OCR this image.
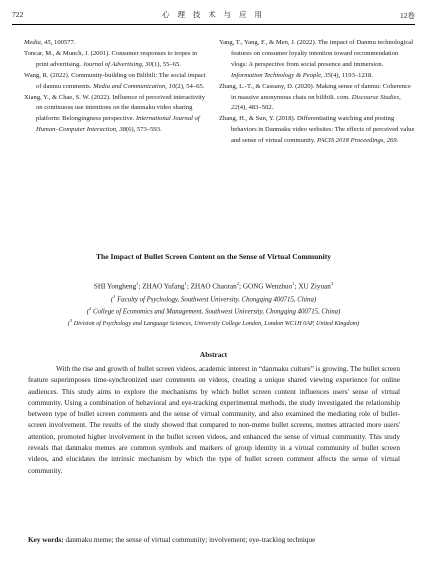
722	心 理 技 术 与 应 用	12卷
Media, 45, 100577.
Toncar, M., & Munch, J. (2001). Consumer responses to tropes in print advertising. Journal of Advertising, 30(1), 55–65.
Wang, R. (2022). Community-building on Bilibili: The social impact of danmu comments. Media and Communication, 10(2), 54–65.
Xiang, Y., & Chae, S. W. (2022). Influence of perceived interactivity on continuous use intentions on the danmaku video sharing platform: Belongingness perspective. International Journal of Human–Computer Interaction, 38(6), 573–593.
Yang, T., Yang, F., & Men, J. (2022). The impact of Danmu technological features on consumer loyalty intention toward recommendation vlogs: A perspective from social presence and immersion. Information Technology & People, 35(4), 1193–1218.
Zhang, L.-T., & Cassany, D. (2020). Making sense of danmu: Coherence in massive anonymous chats on bilibili. com. Discourse Studies, 22(4), 483–502.
Zhang, H., & Sun, Y. (2018). Differentiating watching and posting behaviors in Danmaku video websites: The effects of perceived value and sense of virtual community. PACIS 2018 Proceedings, 269.
The Impact of Bullet Screen Content on the Sense of Virtual Community
SHI Yongheng$^1$; ZHAO Yufang$^1$; ZHAO Chaoran$^2$; GONG Wenzhuo$^1$; XU Ziyuan$^3$
($^1$ Faculty of Psychology, Southwest University, Chongqing 400715, China)
($^2$ College of Economics and Management, Southwest University, Chongqing 400715, China)
($^3$ Division of Psychology and Language Sciences, University College London, London WC1H 0AP, United Kingdom)
Abstract
With the rise and growth of bullet screen videos, academic interest in “danmaku culture” is growing. The bullet screen feature superimposes time-synchronized user comments on videos, creating a unique shared viewing experience for online audiences. This study aims to explore the mechanisms by which bullet screen content influences users' sense of virtual community. Using a combination of behavioral and eye-tracking experimental methods, the study investigated the relationship between type of bullet screen comments and the sense of virtual community, and also examined the mediating role of bullet-screen involvement. The results of the study showed that compared to non-meme bullet screens, memes attracted more users' attention, promoted higher involvement in the bullet screen videos, and enhanced the sense of virtual community. This study reveals that danmaku memes are common symbols and markers of group identity in a virtual community of bullet screen videos, and elucidates the intrinsic mechanism by which the type of bullet screen comment affects the sense of virtual community.
Key words: danmaku meme; the sense of virtual community; involvement; eye-tracking technique
